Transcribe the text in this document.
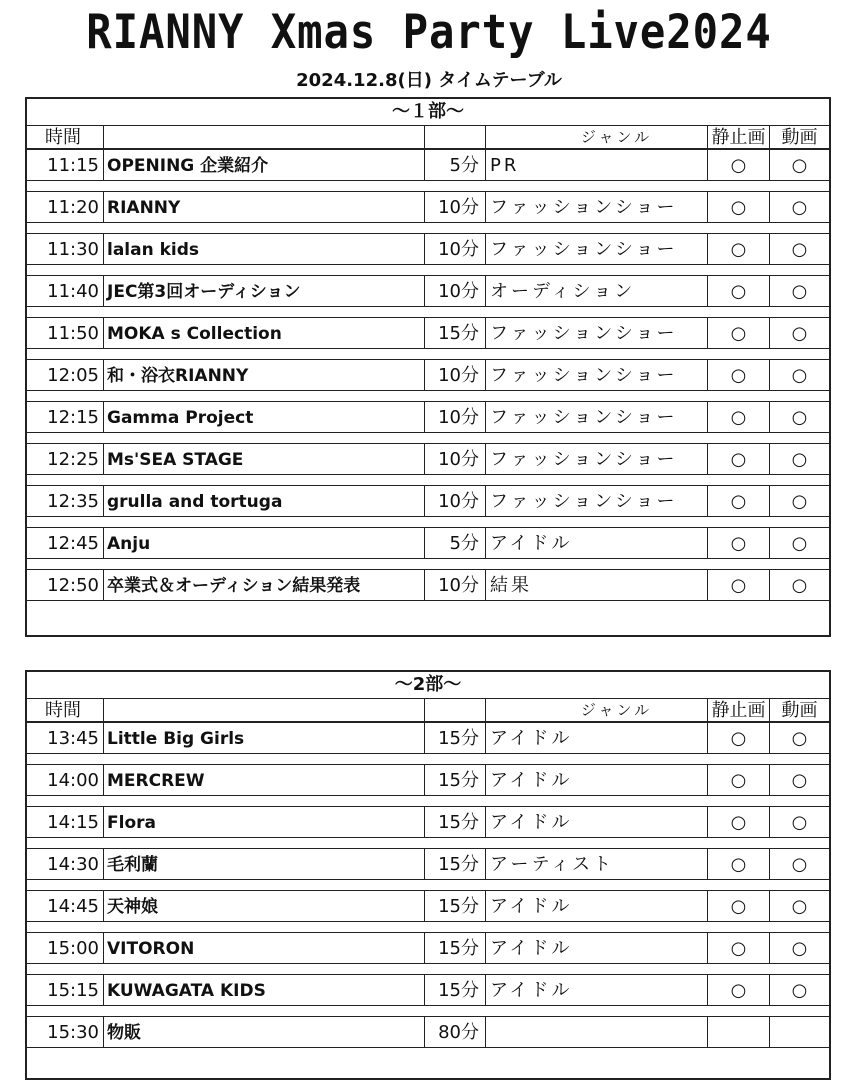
RIANNY Xmas Party Live2024
2024.12.8(日) タイムテーブル
～１部～
時間	ジャンル	静止画 動画
11:15 OPENING 企業紹介	5分 PR	○	○
11:20 RIANNY	10分 ファッションショー	○	○
11:30 lalan kids	10分 ファッションショー	○	○
11:40 JEC第3回オーディション	10分 オーディション	○	○
11:50 MOKA s Collection	15分 ファッションショー	○	○
12:05 和・浴衣RIANNY	10分 ファッションショー	○	○
12:15 Gamma Project	10分 ファッションショー	○	○
12:25 Ms'SEA STAGE	10分 ファッションショー	○	○
12:35 grulla and tortuga	10分 ファッションショー	○	○
12:45 Anju	5分 アイドル	○	○
12:50 卒業式＆オーディション結果発表	10分 結果	○	○
～2部～
時間	ジャンル	静止画 動画
13:45 Little Big Girls	15分 アイドル	○	○
14:00 MERCREW	15分 アイドル	○	○
14:15 Flora	15分 アイドル	○	○
14:30 毛利蘭	15分 アーティスト	○	○
14:45 天神娘	15分 アイドル	○	○
15:00 VITORON	15分 アイドル	○	○
15:15 KUWAGATA KIDS	15分 アイドル	○	○
15:30 物販	80分
